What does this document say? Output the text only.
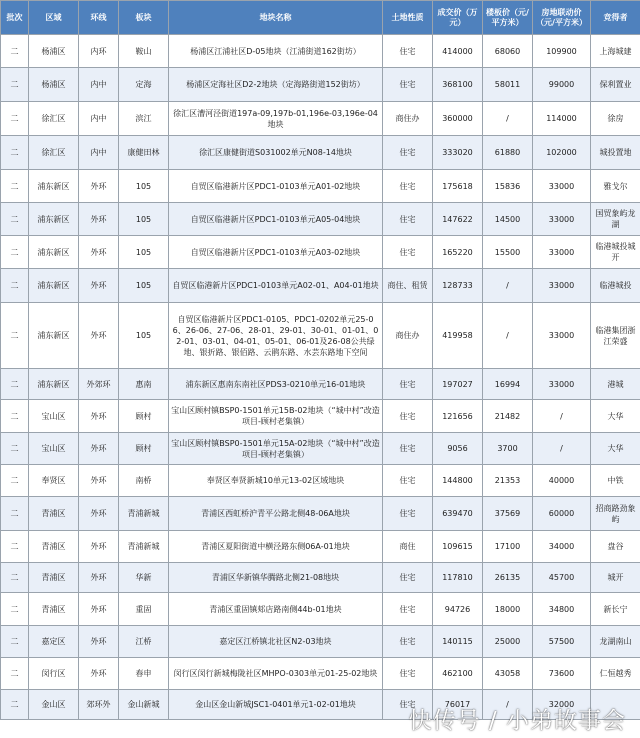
批次	区域	环线	板块	地块名称	土地性质	成交价（万元）	楼板价（元/平方米）	房地联动价（元/平方米）	竞得者
二	杨浦区	内环	鞍山	杨浦区江浦社区D-05地块（江浦街道162街坊）	住宅	414000	68060	109900	上海城建
二	杨浦区	内中	定海	杨浦区定海社区D2-2地块（定海路街道152街坊）	住宅	368100	58011	99000	保利置业
二	徐汇区	内中	滨江	徐汇区漕河泾街道197a-09,197b-01,196e-03,196e-04地块	商住办	360000	/	114000	徐房
二	徐汇区	内中	康健田林	徐汇区康健街道S031002单元N08-14地块	住宅	333020	61880	102000	城投置地
二	浦东新区	外环	105	自贸区临港新片区PDC1-0103单元A01-02地块	住宅	175618	15836	33000	雅戈尔
二	浦东新区	外环	105	自贸区临港新片区PDC1-0103单元A05-04地块	住宅	147622	14500	33000	国贸象屿龙湖
二	浦东新区	外环	105	自贸区临港新片区PDC1-0103单元A03-02地块	住宅	165220	15500	33000	临港城投城开
二	浦东新区	外环	105	自贸区临港新片区PDC1-0103单元A02-01、A04-01地块	商住、租赁	128733	/	33000	临港城投
二	浦东新区	外环	105	自贸区临港新片区PDC1-0105、PDC1-0202单元25-06、26-06、27-06、28-01、29-01、30-01、01-01、02-01、03-01、04-01、05-01、06-01及26-08公共绿地、银折路、银佰路、云鹃东路、水芸东路地下空间	商住办	419958	/	33000	临港集团浙江荣盛
二	浦东新区	外郊环	惠南	浦东新区惠南东南社区PDS3-0210单元16-01地块	住宅	197027	16994	33000	港城
二	宝山区	外环	顾村	宝山区顾村镇BSP0-1501单元15B-02地块（“城中村”改造项目-顾村老集镇）	住宅	121656	21482	/	大华
二	宝山区	外环	顾村	宝山区顾村镇BSP0-1501单元15A-02地块（“城中村”改造项目-顾村老集镇）	住宅	9056	3700	/	大华
二	奉贤区	外环	南桥	奉贤区奉贤新城10单元13-02区域地块	住宅	144800	21353	40000	中铁
二	青浦区	外环	青浦新城	青浦区西虹桥沪青平公路北侧48-06A地块	住宅	639470	37569	60000	招商路劲象屿
二	青浦区	外环	青浦新城	青浦区夏阳街道中横泾路东侧06A-01地块	商住	109615	17100	34000	盘谷
二	青浦区	外环	华新	青浦区华新镇华腾路北侧21-08地块	住宅	117810	26135	45700	城开
二	青浦区	外环	重固	青浦区重固镇郏店路南侧44b-01地块	住宅	94726	18000	34800	新长宁
二	嘉定区	外环	江桥	嘉定区江桥镇北社区N2-03地块	住宅	140115	25000	57500	龙湖南山
二	闵行区	外环	春申	闵行区闵行新城梅陇社区MHPO-0303单元01-25-02地块	住宅	462100	43058	73600	仁恒越秀
二	金山区	郊环外	金山新城	金山区金山新城JSC1-0401单元1-02-01地块	住宅	76017	/	32000	
快传号 / 小弟故事会
